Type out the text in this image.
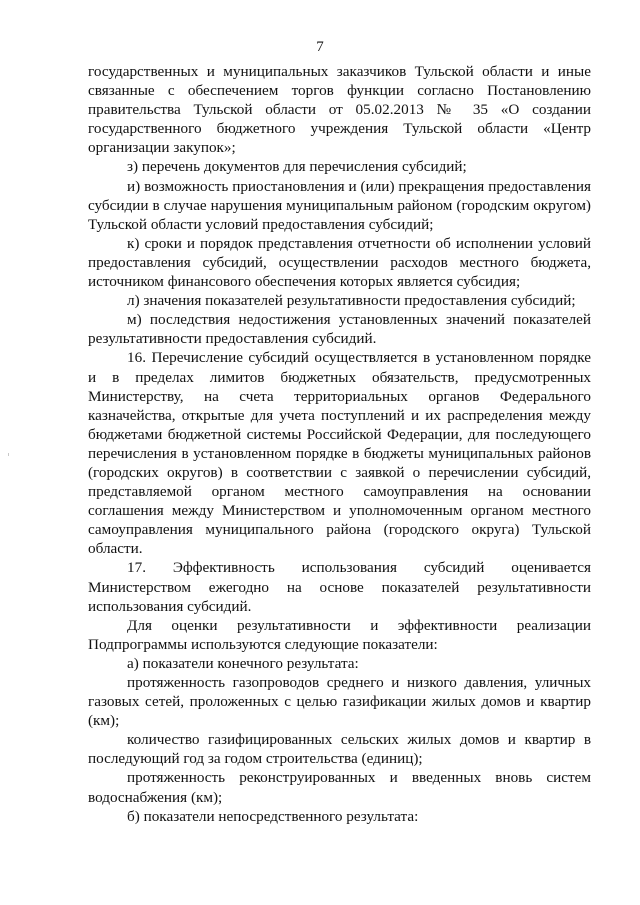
7

государственных и муниципальных заказчиков Тульской области и иные связанные с обеспечением торгов функции согласно Постановлению правительства Тульской области от 05.02.2013 № 35 «О создании государственного бюджетного учреждения Тульской области «Центр организации закупок»;

з) перечень документов для перечисления субсидий;

и) возможность приостановления и (или) прекращения предоставления субсидии в случае нарушения муниципальным районом (городским округом) Тульской области условий предоставления субсидий;

к) сроки и порядок представления отчетности об исполнении условий предоставления субсидий, осуществлении расходов местного бюджета, источником финансового обеспечения которых является субсидия;

л) значения показателей результативности предоставления субсидий;

м) последствия недостижения установленных значений показателей результативности предоставления субсидий.

16. Перечисление субсидий осуществляется в установленном порядке и в пределах лимитов бюджетных обязательств, предусмотренных Министерству, на счета территориальных органов Федерального казначейства, открытые для учета поступлений и их распределения между бюджетами бюджетной системы Российской Федерации, для последующего перечисления в установленном порядке в бюджеты муниципальных районов (городских округов) в соответствии с заявкой о перечислении субсидий, представляемой органом местного самоуправления на основании соглашения между Министерством и уполномоченным органом местного самоуправления муниципального района (городского округа) Тульской области.

17. Эффективность использования субсидий оценивается Министерством ежегодно на основе показателей результативности использования субсидий.

Для оценки результативности и эффективности реализации Подпрограммы используются следующие показатели:

а) показатели конечного результата:

протяженность газопроводов среднего и низкого давления, уличных газовых сетей, проложенных с целью газификации жилых домов и квартир (км);

количество газифицированных сельских жилых домов и квартир в последующий год за годом строительства (единиц);

протяженность реконструированных и введенных вновь систем водоснабжения (км);

б) показатели непосредственного результата:
